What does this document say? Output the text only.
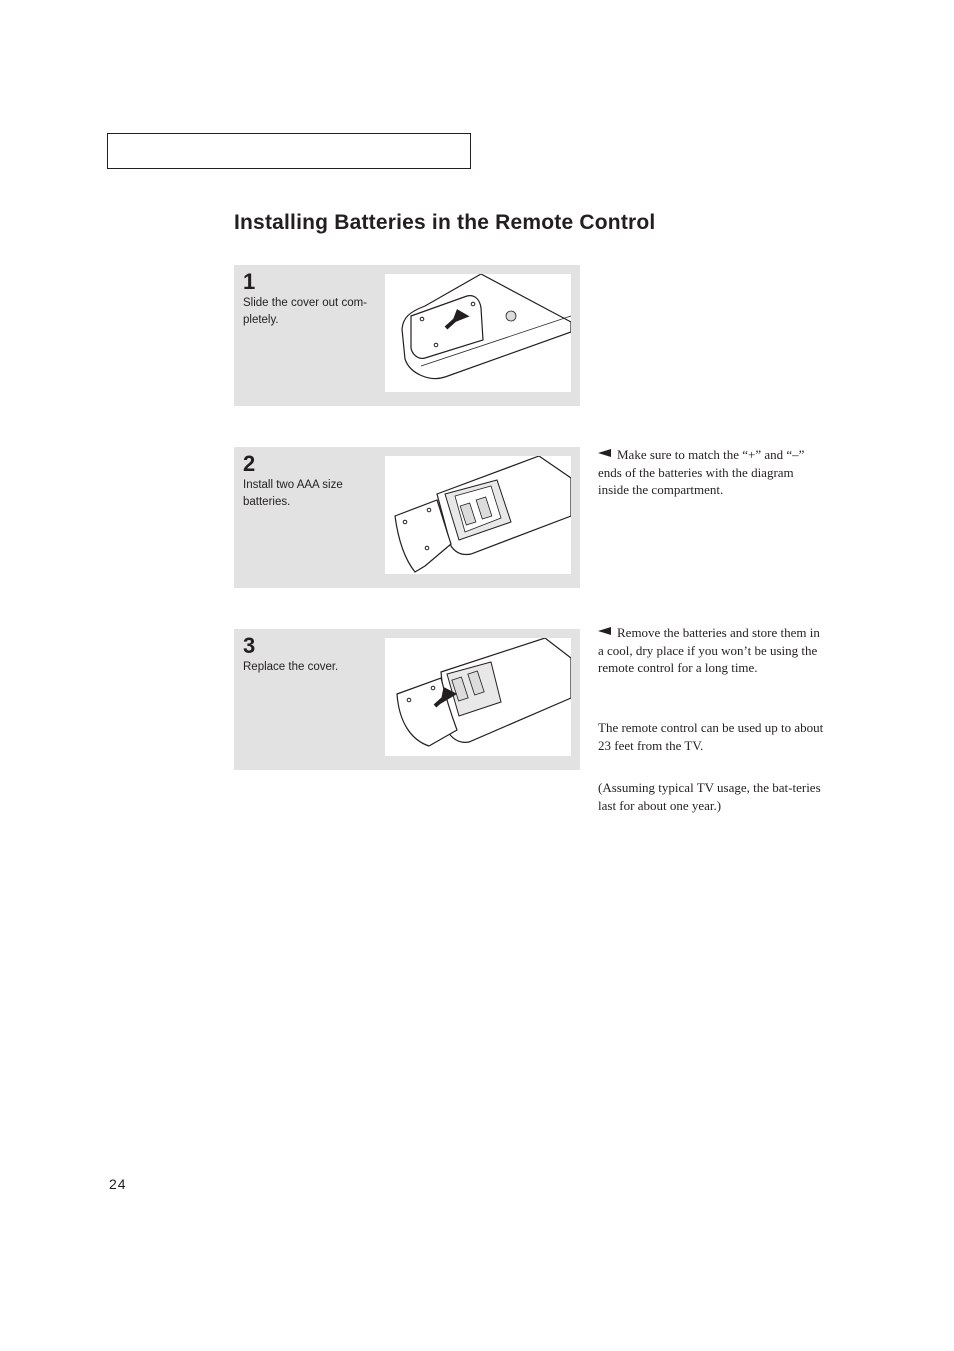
Installing Batteries in the Remote Control
1
Slide the cover out com-pletely.
2
Install two AAA size batteries.
3
Replace the cover.

Make sure to match the “+” and “–” ends of the batteries with the diagram inside the compartment.

Remove the batteries and store them in a cool, dry place if you won’t be using the remote control for a long time.

The remote control can be used up to about 23 feet from the TV.

(Assuming typical TV usage, the bat-teries last for about one year.)

24
